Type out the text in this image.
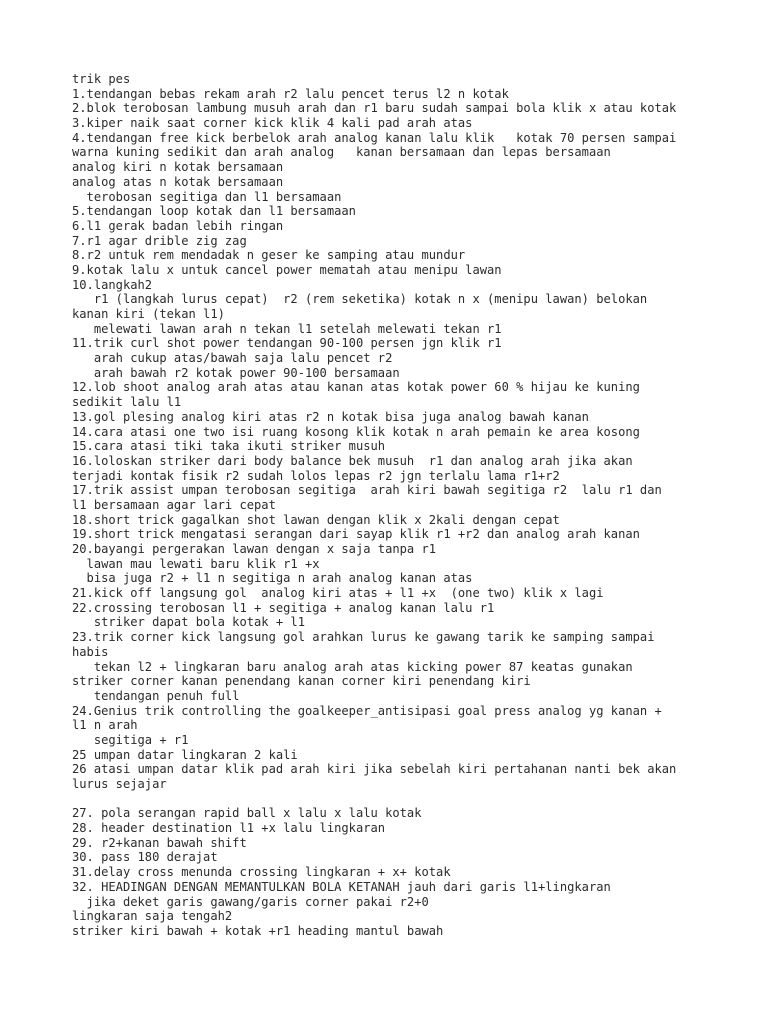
trik pes
1.tendangan bebas rekam arah r2 lalu pencet terus l2 n kotak
2.blok terobosan lambung musuh arah dan r1 baru sudah sampai bola klik x atau kotak
3.kiper naik saat corner kick klik 4 kali pad arah atas
4.tendangan free kick berbelok arah analog kanan lalu klik   kotak 70 persen sampai
warna kuning sedikit dan arah analog   kanan bersamaan dan lepas bersamaan
analog kiri n kotak bersamaan
analog atas n kotak bersamaan
terobosan segitiga dan l1 bersamaan
5.tendangan loop kotak dan l1 bersamaan
6.l1 gerak badan lebih ringan
7.r1 agar drible zig zag
8.r2 untuk rem mendadak n geser ke samping atau mundur
9.kotak lalu x untuk cancel power mematah atau menipu lawan
10.langkah2
r1 (langkah lurus cepat)  r2 (rem seketika) kotak n x (menipu lawan) belokan
kanan kiri (tekan l1)
melewati lawan arah n tekan l1 setelah melewati tekan r1
11.trik curl shot power tendangan 90-100 persen jgn klik r1
arah cukup atas/bawah saja lalu pencet r2
arah bawah r2 kotak power 90-100 bersamaan
12.lob shoot analog arah atas atau kanan atas kotak power 60 % hijau ke kuning
sedikit lalu l1
13.gol plesing analog kiri atas r2 n kotak bisa juga analog bawah kanan
14.cara atasi one two isi ruang kosong klik kotak n arah pemain ke area kosong
15.cara atasi tiki taka ikuti striker musuh
16.loloskan striker dari body balance bek musuh  r1 dan analog arah jika akan
terjadi kontak fisik r2 sudah lolos lepas r2 jgn terlalu lama r1+r2
17.trik assist umpan terobosan segitiga  arah kiri bawah segitiga r2  lalu r1 dan
l1 bersamaan agar lari cepat
18.short trick gagalkan shot lawan dengan klik x 2kali dengan cepat
19.short trick mengatasi serangan dari sayap klik r1 +r2 dan analog arah kanan
20.bayangi pergerakan lawan dengan x saja tanpa r1
lawan mau lewati baru klik r1 +x
bisa juga r2 + l1 n segitiga n arah analog kanan atas
21.kick off langsung gol  analog kiri atas + l1 +x  (one two) klik x lagi
22.crossing terobosan l1 + segitiga + analog kanan lalu r1
striker dapat bola kotak + l1
23.trik corner kick langsung gol arahkan lurus ke gawang tarik ke samping sampai
habis
tekan l2 + lingkaran baru analog arah atas kicking power 87 keatas gunakan
striker corner kanan penendang kanan corner kiri penendang kiri
tendangan penuh full
24.Genius trik controlling the goalkeeper_antisipasi goal press analog yg kanan +
l1 n arah
segitiga + r1
25 umpan datar lingkaran 2 kali
26 atasi umpan datar klik pad arah kiri jika sebelah kiri pertahanan nanti bek akan
lurus sejajar
27. pola serangan rapid ball x lalu x lalu kotak
28. header destination l1 +x lalu lingkaran
29. r2+kanan bawah shift
30. pass 180 derajat
31.delay cross menunda crossing lingkaran + x+ kotak
32. HEADINGAN DENGAN MEMANTULKAN BOLA KETANAH jauh dari garis l1+lingkaran
jika deket garis gawang/garis corner pakai r2+0
lingkaran saja tengah2
striker kiri bawah + kotak +r1 heading mantul bawah
